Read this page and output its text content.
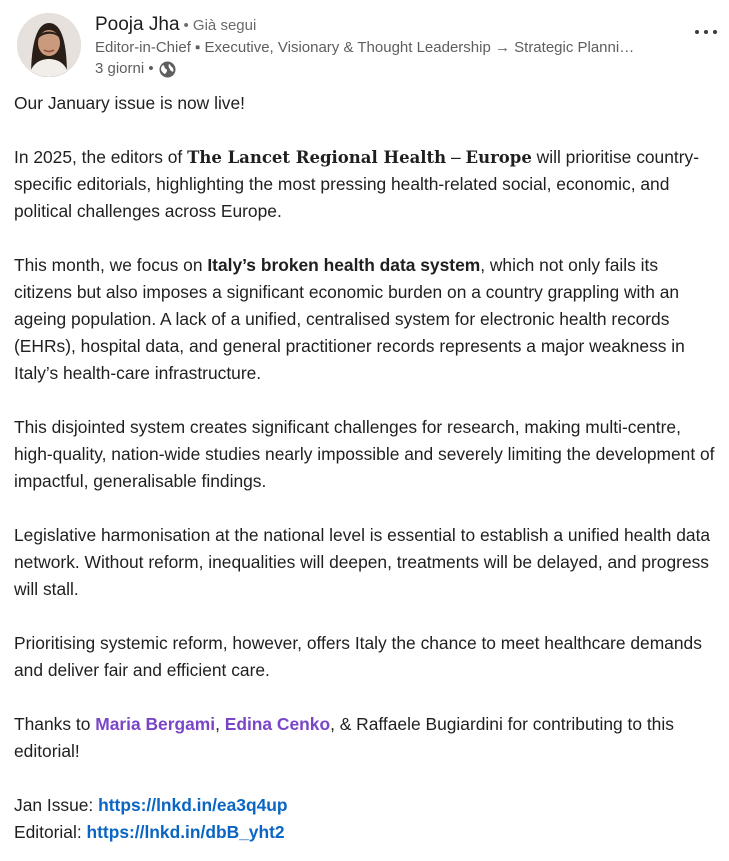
Pooja Jha • Già segui
Editor-in-Chief ▪ Executive, Visionary & Thought Leadership → Strategic Planni…
3 giorni •

Our January issue is now live!

In 2025, the editors of The Lancet Regional Health – Europe will prioritise country-specific editorials, highlighting the most pressing health-related social, economic, and political challenges across Europe.

This month, we focus on Italy’s broken health data system, which not only fails its citizens but also imposes a significant economic burden on a country grappling with an ageing population. A lack of a unified, centralised system for electronic health records (EHRs), hospital data, and general practitioner records represents a major weakness in Italy’s health-care infrastructure.

This disjointed system creates significant challenges for research, making multi-centre, high-quality, nation-wide studies nearly impossible and severely limiting the development of impactful, generalisable findings.

Legislative harmonisation at the national level is essential to establish a unified health data network. Without reform, inequalities will deepen, treatments will be delayed, and progress will stall.

Prioritising systemic reform, however, offers Italy the chance to meet healthcare demands and deliver fair and efficient care.

Thanks to Maria Bergami, Edina Cenko, & Raffaele Bugiardini for contributing to this editorial!

Jan Issue: https://lnkd.in/ea3q4up
Editorial: https://lnkd.in/dbB_yht2
